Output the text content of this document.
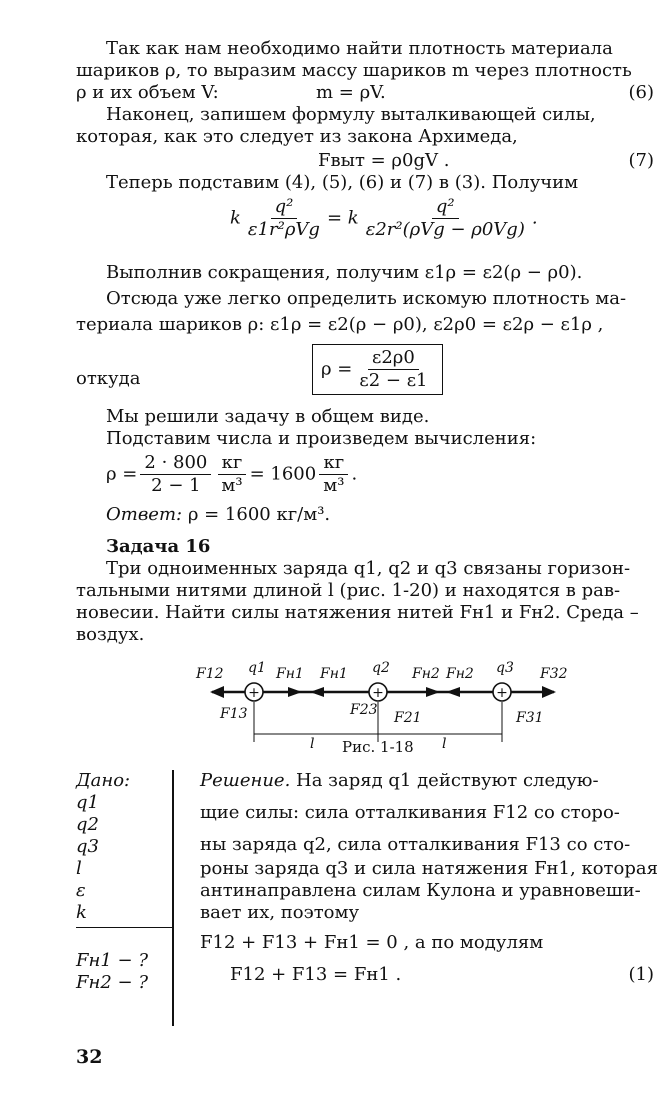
Так как нам необходимо найти плотность материала
шариков ρ, то выразим массу шариков m через плотность
ρ и их объем V:	m = ρV.	(6)
Наконец, запишем формулу выталкивающей силы,
которая, как это следует из закона Архимеда,
Fвыт = ρ0gV .	(7)
Теперь подставим (4), (5), (6) и (7) в (3). Получим
k $\frac{\text{q²}}{\text{ε1r²ρVg}} = k \frac{\text{q²}}{\text{ε2r²(ρVg − ρ0Vg)}}$ .
Выполнив сокращения, получим ε1ρ = ε2(ρ − ρ0).
Отсюда уже легко определить искомую плотность ма-
териала шариков ρ: ε1ρ = ε2(ρ − ρ0), ε2ρ0 = ε2ρ − ε1ρ ,
откуда	$\rho = \frac{\varepsilon 2\rho 0}{\varepsilon 2 - \varepsilon 1}$
Мы решили задачу в общем виде.
Подставим числа и произведем вычисления:
$\rho = \frac{2 \cdot 800}{2 - 1} \frac{кг}{\text{м³}} = 1600 \frac{кг}{\text{м³}}$ .
Ответ: ρ = 1600 кг/м³.
Задача 16
Три одноименных заряда q1, q2 и q3 связаны горизон-
тальными нитями длиной l (рис. 1-20) и находятся в рав-
новесии. Найти силы натяжения нитей Fн1 и Fн2. Среда –
воздух.
+	+	+
q1	q2	q3
F12	Fн1 Fн1	Fн2 Fн2	F32
F13	F23 F21	F31
l	l
Рис. 1-18
Дано:
q1
q2
q3
l
ε
k
Fн1 − ?
Fн2 − ?
Решение. На заряд q1 действуют следую-
щие силы: сила отталкивания F12 со сторо-
ны заряда q2, сила отталкивания F13 со сто-
роны заряда q3 и сила натяжения Fн1, которая
антинаправлена силам Кулона и уравновеши-
вает их, поэтому
F12 + F13 + Fн1 = 0 , а по модулям
F12 + F13 = Fн1 .	(1)
32
